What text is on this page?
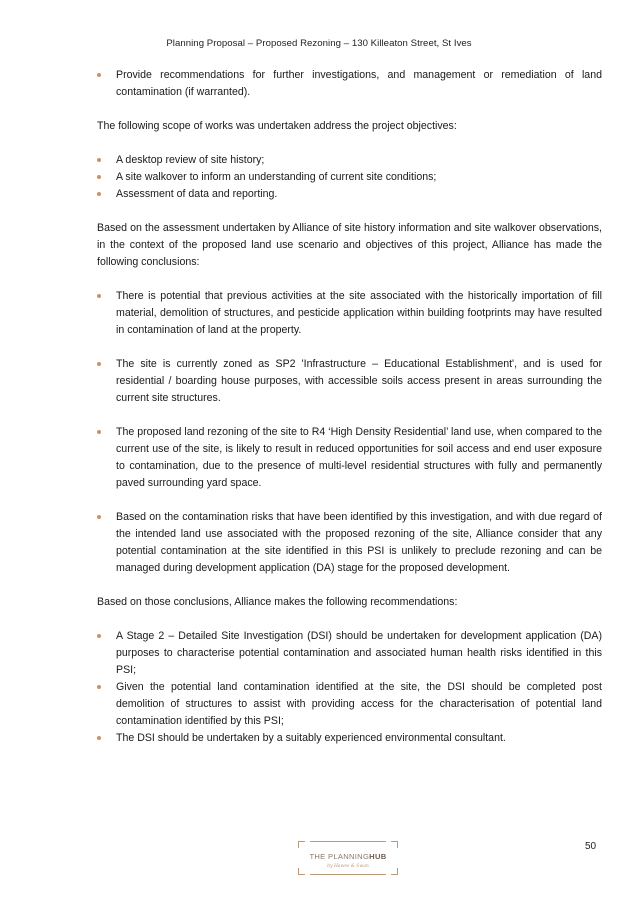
Planning Proposal – Proposed Rezoning – 130 Killeaton Street, St Ives
Provide recommendations for further investigations, and management or remediation of land contamination (if warranted).

The following scope of works was undertaken address the project objectives:

A desktop review of site history;
A site walkover to inform an understanding of current site conditions;
Assessment of data and reporting.

Based on the assessment undertaken by Alliance of site history information and site walkover observations, in the context of the proposed land use scenario and objectives of this project, Alliance has made the following conclusions:

There is potential that previous activities at the site associated with the historically importation of fill material, demolition of structures, and pesticide application within building footprints may have resulted in contamination of land at the property.
The site is currently zoned as SP2 'Infrastructure – Educational Establishment', and is used for residential / boarding house purposes, with accessible soils access present in areas surrounding the current site structures.
The proposed land rezoning of the site to R4 ‘High Density Residential’ land use, when compared to the current use of the site, is likely to result in reduced opportunities for soil access and end user exposure to contamination, due to the presence of multi-level residential structures with fully and permanently paved surrounding yard space.
Based on the contamination risks that have been identified by this investigation, and with due regard of the intended land use associated with the proposed rezoning of the site, Alliance consider that any potential contamination at the site identified in this PSI is unlikely to preclude rezoning and can be managed during development application (DA) stage for the proposed development.

Based on those conclusions, Alliance makes the following recommendations:

A Stage 2 – Detailed Site Investigation (DSI) should be undertaken for development application (DA) purposes to characterise potential contamination and associated human health risks identified in this PSI;
Given the potential land contamination identified at the site, the DSI should be completed post demolition of structures to assist with providing access for the characterisation of potential land contamination identified by this PSI;
The DSI should be undertaken by a suitably experienced environmental consultant.
THE PLANNINGHUB
by Hawes & Swan
50
